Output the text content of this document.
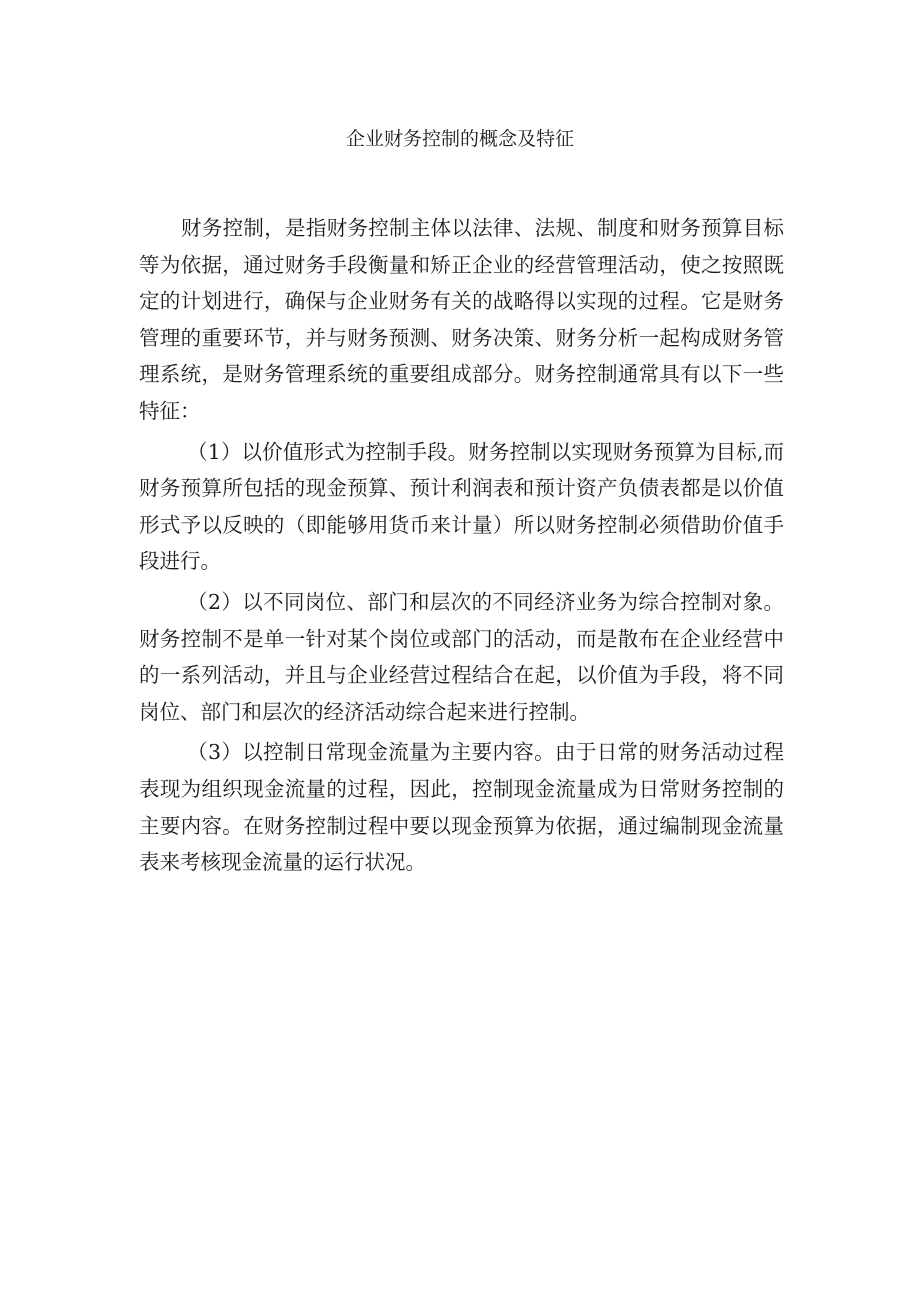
企业财务控制的概念及特征

财务控制，是指财务控制主体以法律、法规、制度和财务预算目标等为依据，通过财务手段衡量和矫正企业的经营管理活动，使之按照既定的计划进行，确保与企业财务有关的战略得以实现的过程。它是财务管理的重要环节，并与财务预测、财务决策、财务分析一起构成财务管理系统，是财务管理系统的重要组成部分。财务控制通常具有以下一些特征：

（1）以价值形式为控制手段。财务控制以实现财务预算为目标,而财务预算所包括的现金预算、预计利润表和预计资产负债表都是以价值形式予以反映的（即能够用货币来计量）所以财务控制必须借助价值手段进行。

（2）以不同岗位、部门和层次的不同经济业务为综合控制对象。财务控制不是单一针对某个岗位或部门的活动，而是散布在企业经营中的一系列活动，并且与企业经营过程结合在起，以价值为手段，将不同岗位、部门和层次的经济活动综合起来进行控制。

（3）以控制日常现金流量为主要内容。由于日常的财务活动过程表现为组织现金流量的过程，因此，控制现金流量成为日常财务控制的主要内容。在财务控制过程中要以现金预算为依据，通过编制现金流量表来考核现金流量的运行状况。
